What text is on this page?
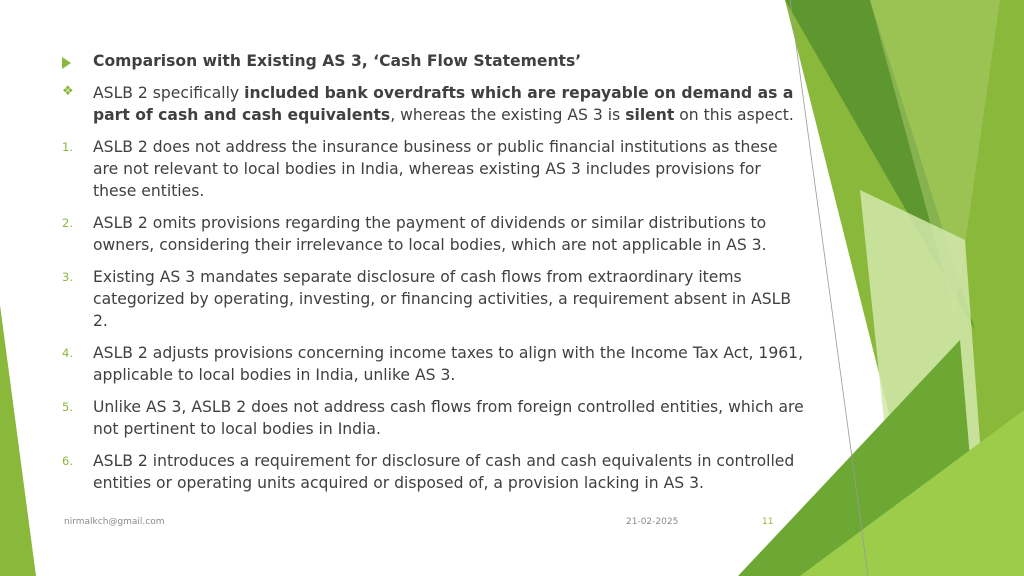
Comparison with Existing AS 3, ‘Cash Flow Statements’
❖	ASLB 2 specifically included bank overdrafts which are repayable on demand as a part of cash and cash equivalents, whereas the existing AS 3 is silent on this aspect.
1.	ASLB 2 does not address the insurance business or public financial institutions as these are not relevant to local bodies in India, whereas existing AS 3 includes provisions for these entities.
2.	ASLB 2 omits provisions regarding the payment of dividends or similar distributions to owners, considering their irrelevance to local bodies, which are not applicable in AS 3.
3.	Existing AS 3 mandates separate disclosure of cash flows from extraordinary items categorized by operating, investing, or financing activities, a requirement absent in ASLB 2.
4.	ASLB 2 adjusts provisions concerning income taxes to align with the Income Tax Act, 1961, applicable to local bodies in India, unlike AS 3.
5.	Unlike AS 3, ASLB 2 does not address cash flows from foreign controlled entities, which are not pertinent to local bodies in India.
6.	ASLB 2 introduces a requirement for disclosure of cash and cash equivalents in controlled entities or operating units acquired or disposed of, a provision lacking in AS 3.
nirmalkch@gmail.com	21-02-2025	11
